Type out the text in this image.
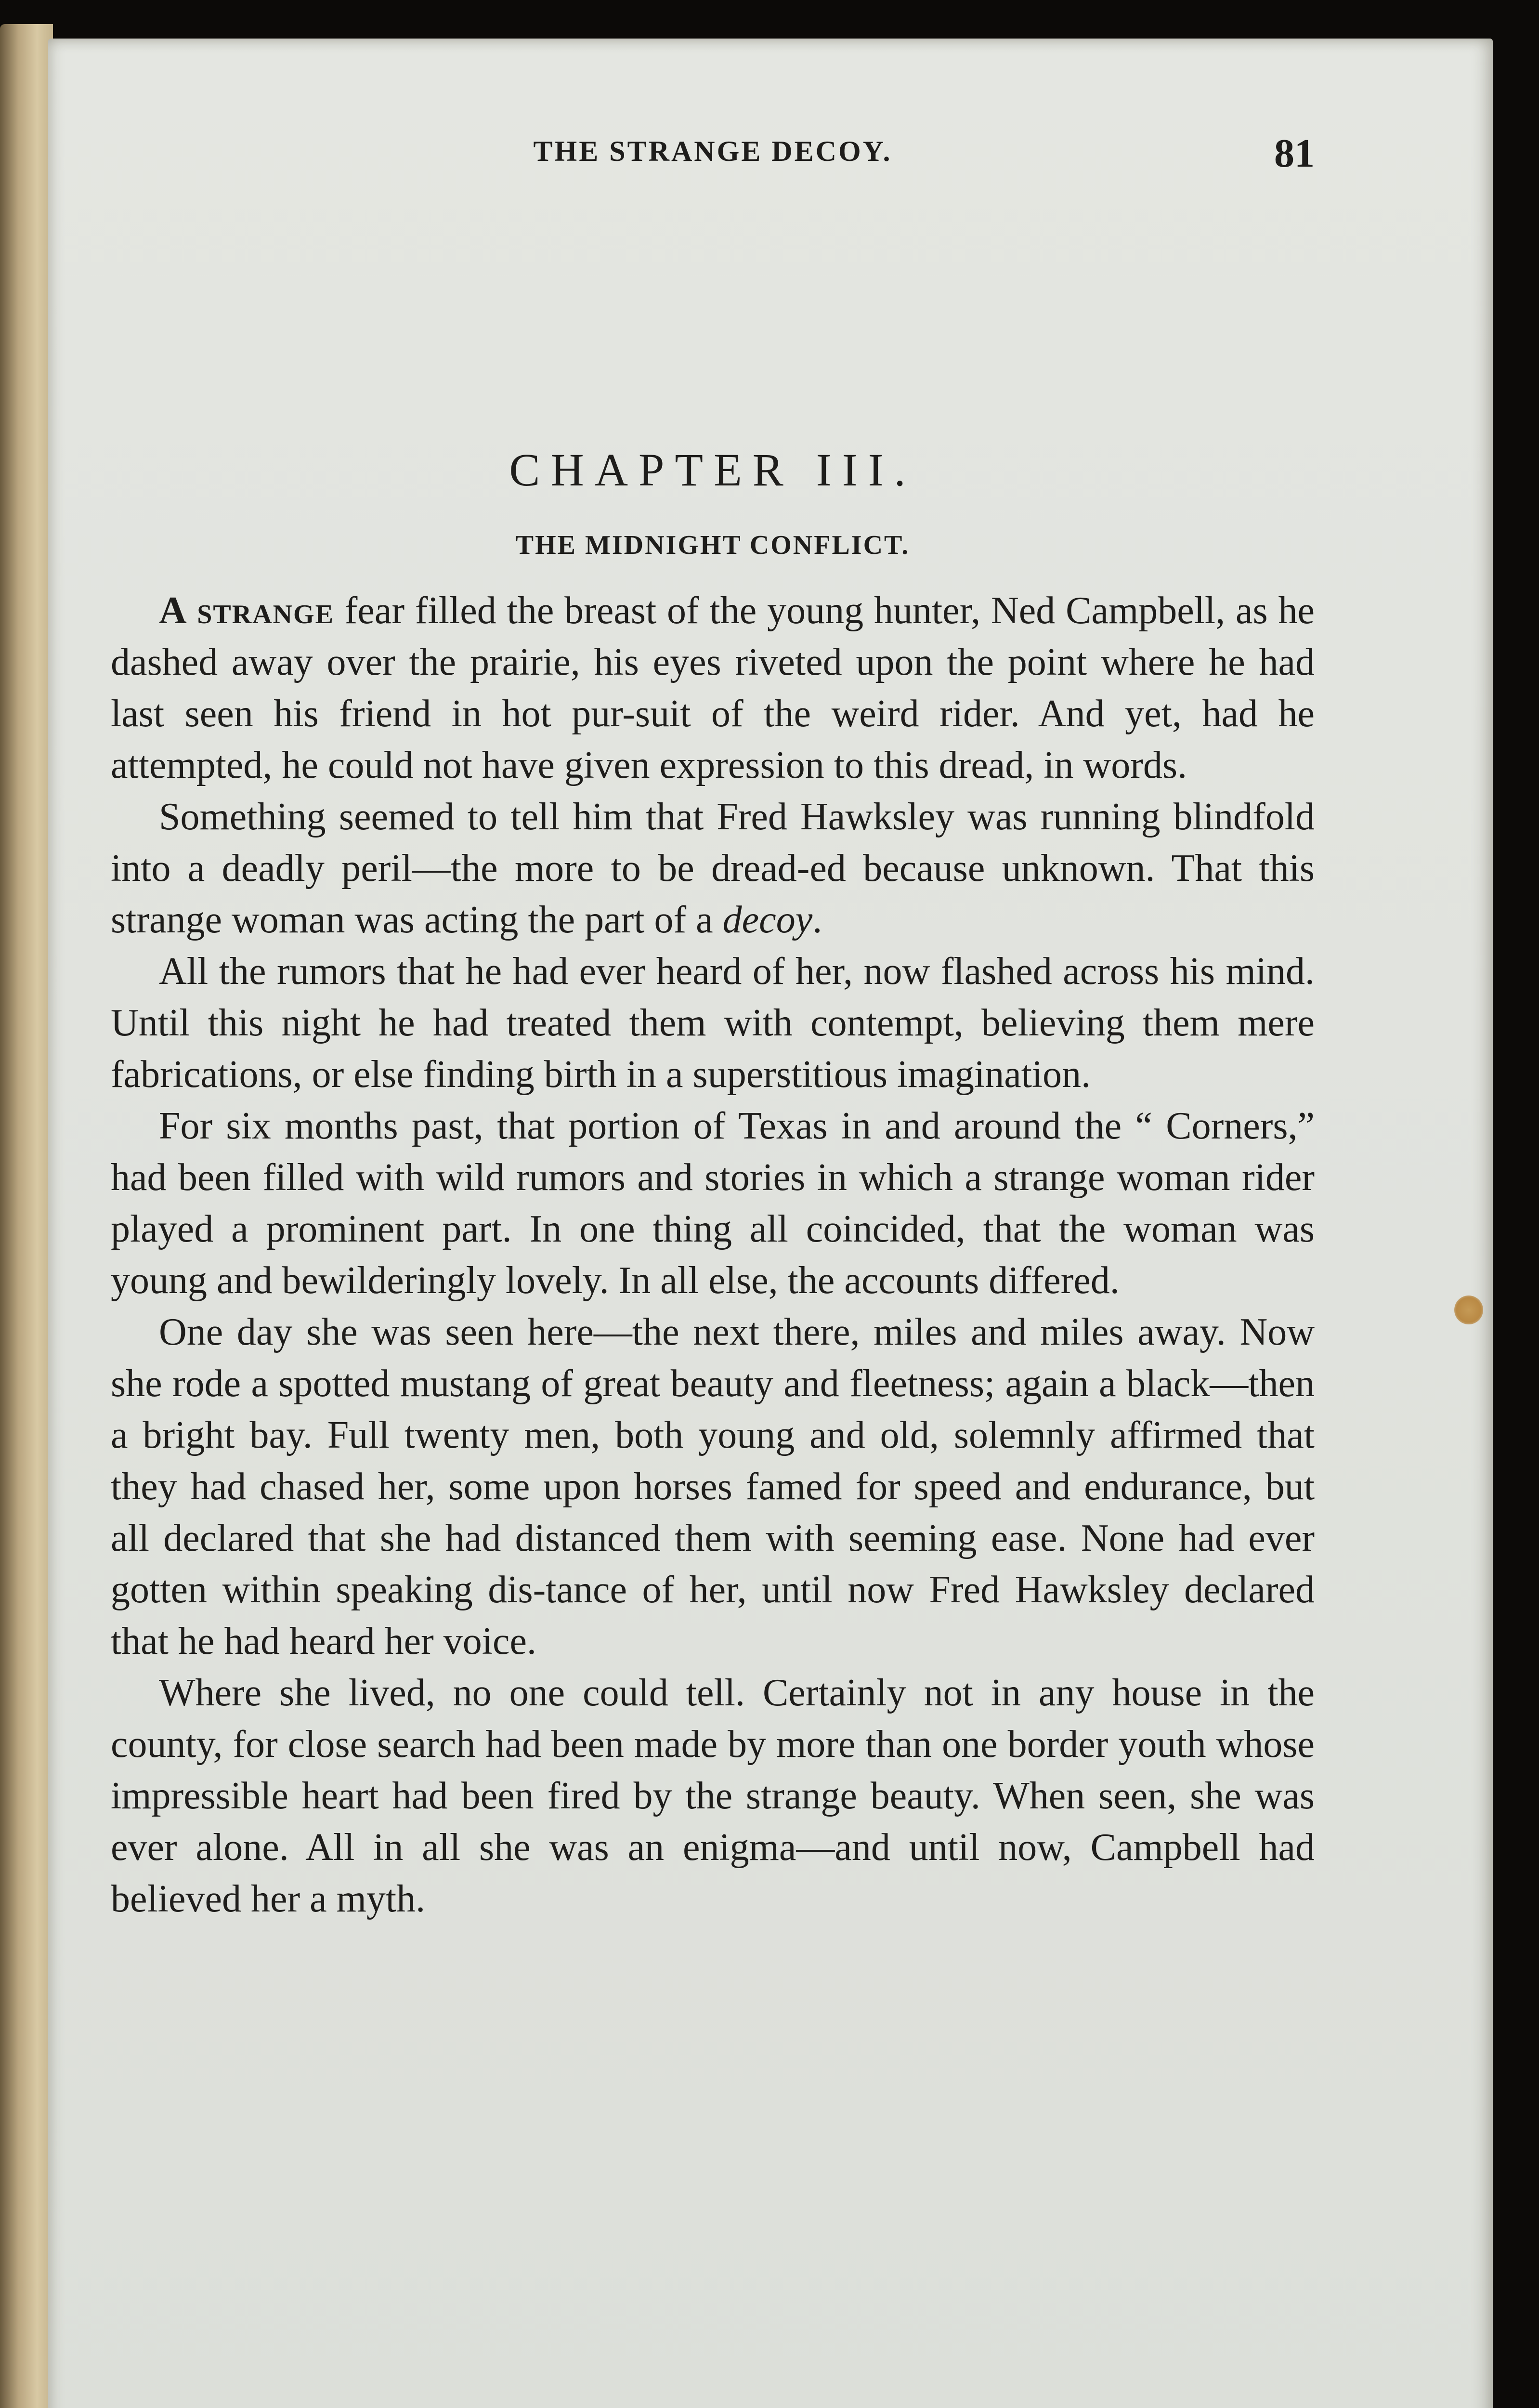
THE STRANGE DECOY.	81
CHAPTER III.
THE MIDNIGHT CONFLICT.

A strange fear filled the breast of the young hunter, Ned Campbell, as he dashed away over the prairie, his eyes riveted upon the point where he had last seen his friend in hot pur-suit of the weird rider. And yet, had he attempted, he could not have given expression to this dread, in words.

Something seemed to tell him that Fred Hawksley was running blindfold into a deadly peril—the more to be dread-ed because unknown. That this strange woman was acting the part of a decoy.

All the rumors that he had ever heard of her, now flashed across his mind. Until this night he had treated them with contempt, believing them mere fabrications, or else finding birth in a superstitious imagination.

For six months past, that portion of Texas in and around the “ Corners,” had been filled with wild rumors and stories in which a strange woman rider played a prominent part. In one thing all coincided, that the woman was young and bewilderingly lovely. In all else, the accounts differed.

One day she was seen here—the next there, miles and miles away. Now she rode a spotted mustang of great beauty and fleetness; again a black—then a bright bay. Full twenty men, both young and old, solemnly affirmed that they had chased her, some upon horses famed for speed and endurance, but all declared that she had distanced them with seeming ease. None had ever gotten within speaking dis-tance of her, until now Fred Hawksley declared that he had heard her voice.

Where she lived, no one could tell. Certainly not in any house in the county, for close search had been made by more than one border youth whose impressible heart had been fired by the strange beauty. When seen, she was ever alone. All in all she was an enigma—and until now, Campbell had believed her a myth.
